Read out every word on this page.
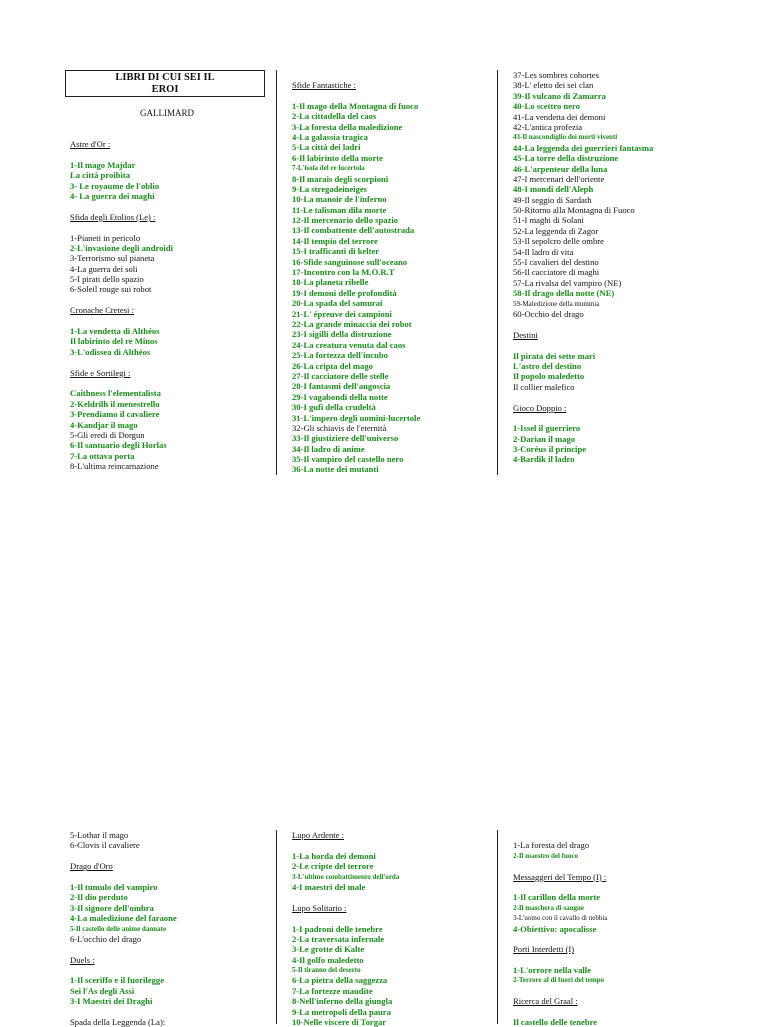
LIBRI DI CUI SEI IL
EROI
GALLIMARD
Astre d'Or :
1-Il mago Majdar
La città proibita
3- Le royaume de l'oblio
4- La guerra dei maghi
Sfida degli Etolios (Le) :
1-Pianeti in pericolo
2-L'invasione degli androidi
3-Terrorismo sul pianeta
4-La guerra dei soli
5-I pirati dello spazio
6-Soleil rouge sui robot
Cronache Cretesi :
1-La vendetta di Althéos
Il labirinto del re Minos
3-L'odissea di Althéos
Sfide e Sortilegi :
Caithness l'elementalista
2-Keldrilh il menestrello
3-Prendiamo il cavaliere
4-Kandjar il mago
5-Gli eredi di Dorgun
6-Il santuario degli Horlas
7-La ottava porta
8-L'ultima reincarnazione
Sfide Fantastiche :
1-Il mago della Montagna di fuoco
2-La cittadella del caos
3-La foresta della maledizione
4-La galassia tragica
5-La città dei ladri
6-Il labirinto della morte
7-L'isola del re lucertola
8-Il marais degli scorpioni
9-La stregadeineiges
10-La manoir de l'inferno
11-Le talisman dila morte
12-Il mercenario dello spazio
13-Il combattente dell'autostrada
14-Il tempio del terrore
15-I trafficanti di kelter
16-Sfide sanguinose sull'oceano
17-Incontro con la M.O.R.T
18-La planeta ribelle
19-I demoni delle profondità
20-La spada del samurai
21-L' épreuve dei campioni
22-La grande minaccia dei robot
23-I sigilli della distruzione
24-La creatura venuta dal caos
25-La fortezza dell'incubo
26-La cripta del mago
27-Il cacciatore delle stelle
28-I fantasmi dell'angoscia
29-I vagabondi della notte
30-I gufi della crudeltà
31-L'impero degli uomini-lucertole
32-Gli schiavis de l'eternità
33-Il giustiziere dell'universo
34-Il ladro di anime
35-Il vampiro del castello nero
36-La notte dei mutanti
37-Les sombres cohortes
38-L' eletto dei sei clan
39-Il vulcano di Zamarra
40-Lo scettro nero
41-La vendetta dei demoni
42-L'antica profezia
43-Il nascondiglio dei morti viventi
44-La leggenda dei guerrieri fantasma
45-La torre della distruzione
46-L'arpenteur della luna
47-I mercenari dell'oriente
48-I mondi dell'Aleph
49-Il seggio di Sardath
50-Ritorno alla Montagna di Fuoco
51-I maghi di Solani
52-La leggenda di Zagor
53-Il sepolcro delle ombre
54-Il ladro di vita
55-I cavalieri del destino
56-Il cacciatore di maghi
57-La rivalsa del vampiro (NE)
58-Il drago della notte (NE)
59-Maledizione della mummia
60-Occhio del drago
Destini
Il pirata dei sette mari
L'astro del destino
Il popolo maledetto
Il collier malefico
Gioco Doppio :
1-Issel il guerriero
2-Darian il mago
3-Coréus il principe
4-Bardik il ladro
5-Lothar il mago
6-Clovis il cavaliere
Drago d'Oro
1-Il tumulo del vampiro
2-Il dio perduto
3-Il signore dell'ombra
4-La maledizione del faraone
5-Il castello delle anime dannate
6-L'occhio del drago
Duels :
1-Il sceriffo e il fuorilegge
Sei l'As degli Assi
3-I Maestri dei Draghi
Spada della Leggenda (La):
Lupo Ardente :
1-La horda dei demoni
2-Le cripte del terrore
3-L'ultimo combattimento dell'orda
4-I maestri del male
Lupo Solitario :
1-I padroni delle tenebre
2-La traversata infernale
3-Le grotte di Kalte
4-Il golfo maledetto
5-Il tiranno del deserto
6-La pietra della saggezza
7-La fortezze maudite
8-Nell'inferno della giungla
9-La metropoli della paura
10-Nelle viscere di Torgar
1-La foresta del drago
2-Il maestro del fuoco
Messaggeri del Tempo (I) :
1-Il carillon della morte
2-Il maschera di sangue
3-L'uomo con il cavallo di nebbia
4-Obiettivo: apocalisse
Porti Interdetti (I)
1-L'orrore nella valle
2-Terrore al di fuori del tempo
Ricerca del Graal :
Il castello delle tenebre
